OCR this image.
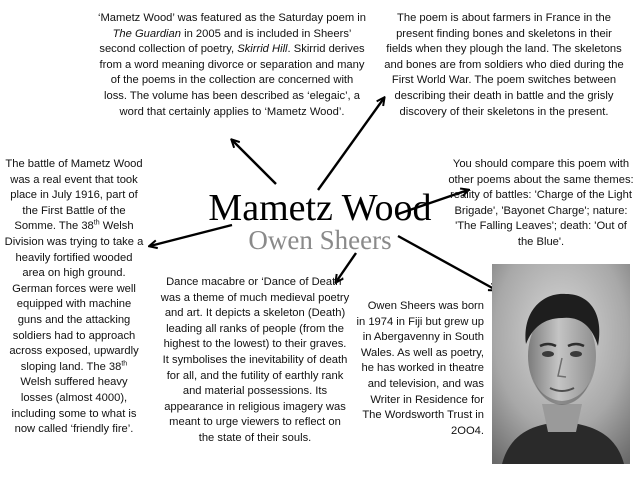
‘Mametz Wood’ was featured as the Saturday poem in The Guardian in 2005 and is included in Sheers’ second collection of poetry, Skirrid Hill. Skirrid derives from a word meaning divorce or separation and many of the poems in the collection are concerned with loss. The volume has been described as ‘elegaic’, a word that certainly applies to ‘Mametz Wood’.

The poem is about farmers in France in the present finding bones and skeletons in their fields when they plough the land. The skeletons and bones are from soldiers who died during the First World War. The poem switches between describing their death in battle and the grisly discovery of their skeletons in the present.

The battle of Mametz Wood was a real event that took place in July 1916, part of the First Battle of the Somme. The 38th Welsh Division was trying to take a heavily fortified wooded area on high ground. German forces were well equipped with machine guns and the attacking soldiers had to approach across exposed, upwardly sloping land. The 38th Welsh suffered heavy losses (almost 4000), including some to what is now called ‘friendly fire’.

You should compare this poem with other poems about the same themes: reality of battles: 'Charge of the Light Brigade', 'Bayonet Charge'; nature: 'The Falling Leaves'; death: 'Out of the Blue'.

Mametz Wood
Owen Sheers

Dance macabre or ‘Dance of Death’ was a theme of much medieval poetry and art. It depicts a skeleton (Death) leading all ranks of people (from the highest to the lowest) to their graves. It symbolises the inevitability of death for all, and the futility of earthly rank and material possessions. Its appearance in religious imagery was meant to urge viewers to reflect on the state of their souls.

Owen Sheers was born in 1974 in Fiji but grew up in Abergavenny in South Wales. As well as poetry, he has worked in theatre and television, and was Writer in Residence for The Wordsworth Trust in 2OO4.
